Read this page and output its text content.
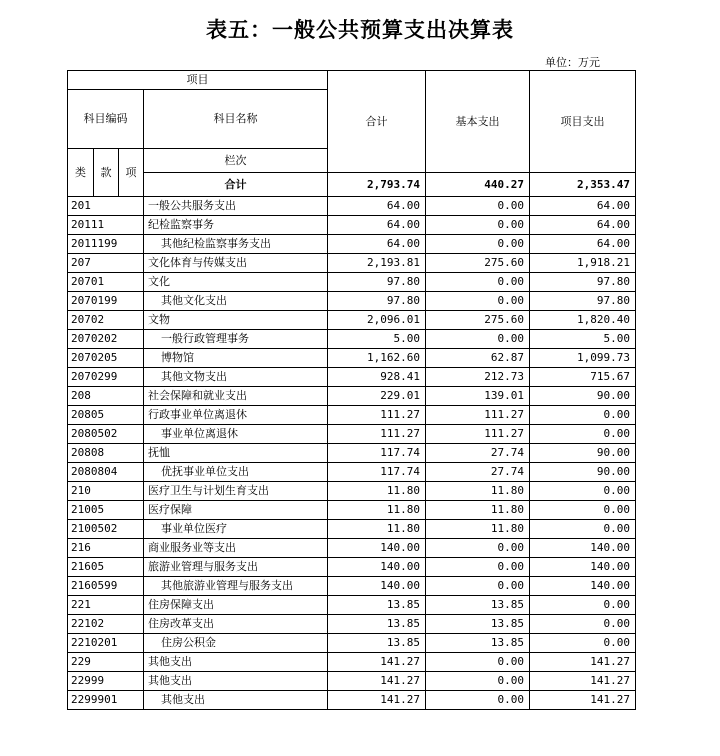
表五：一般公共预算支出决算表
单位：万元
项目				合计	基本支出	项目支出	
科目编码			科目名称				
类	款	项	栏次			
			合计	2,793.74	440.27	2,353.47	
201			一般公共服务支出	64.00	0.00	64.00	
20111			纪检监察事务	64.00	0.00	64.00	
2011199			其他纪检监察事务支出	64.00	0.00	64.00	
207			文化体育与传媒支出	2,193.81	275.60	1,918.21	
20701			文化	97.80	0.00	97.80	
2070199			其他文化支出	97.80	0.00	97.80	
20702			文物	2,096.01	275.60	1,820.40	
2070202			一般行政管理事务	5.00	0.00	5.00	
2070205			博物馆	1,162.60	62.87	1,099.73	
2070299			其他文物支出	928.41	212.73	715.67	
208			社会保障和就业支出	229.01	139.01	90.00	
20805			行政事业单位离退休	111.27	111.27	0.00	
2080502			事业单位离退休	111.27	111.27	0.00	
20808			抚恤	117.74	27.74	90.00	
2080804			优抚事业单位支出	117.74	27.74	90.00	
210			医疗卫生与计划生育支出	11.80	11.80	0.00	
21005			医疗保障	11.80	11.80	0.00	
2100502			事业单位医疗	11.80	11.80	0.00	
216			商业服务业等支出	140.00	0.00	140.00	
21605			旅游业管理与服务支出	140.00	0.00	140.00	
2160599			其他旅游业管理与服务支出	140.00	0.00	140.00	
221			住房保障支出	13.85	13.85	0.00	
22102			住房改革支出	13.85	13.85	0.00	
2210201			住房公积金	13.85	13.85	0.00	
229			其他支出	141.27	0.00	141.27	
22999			其他支出	141.27	0.00	141.27	
2299901			其他支出	141.27	0.00	141.27	
